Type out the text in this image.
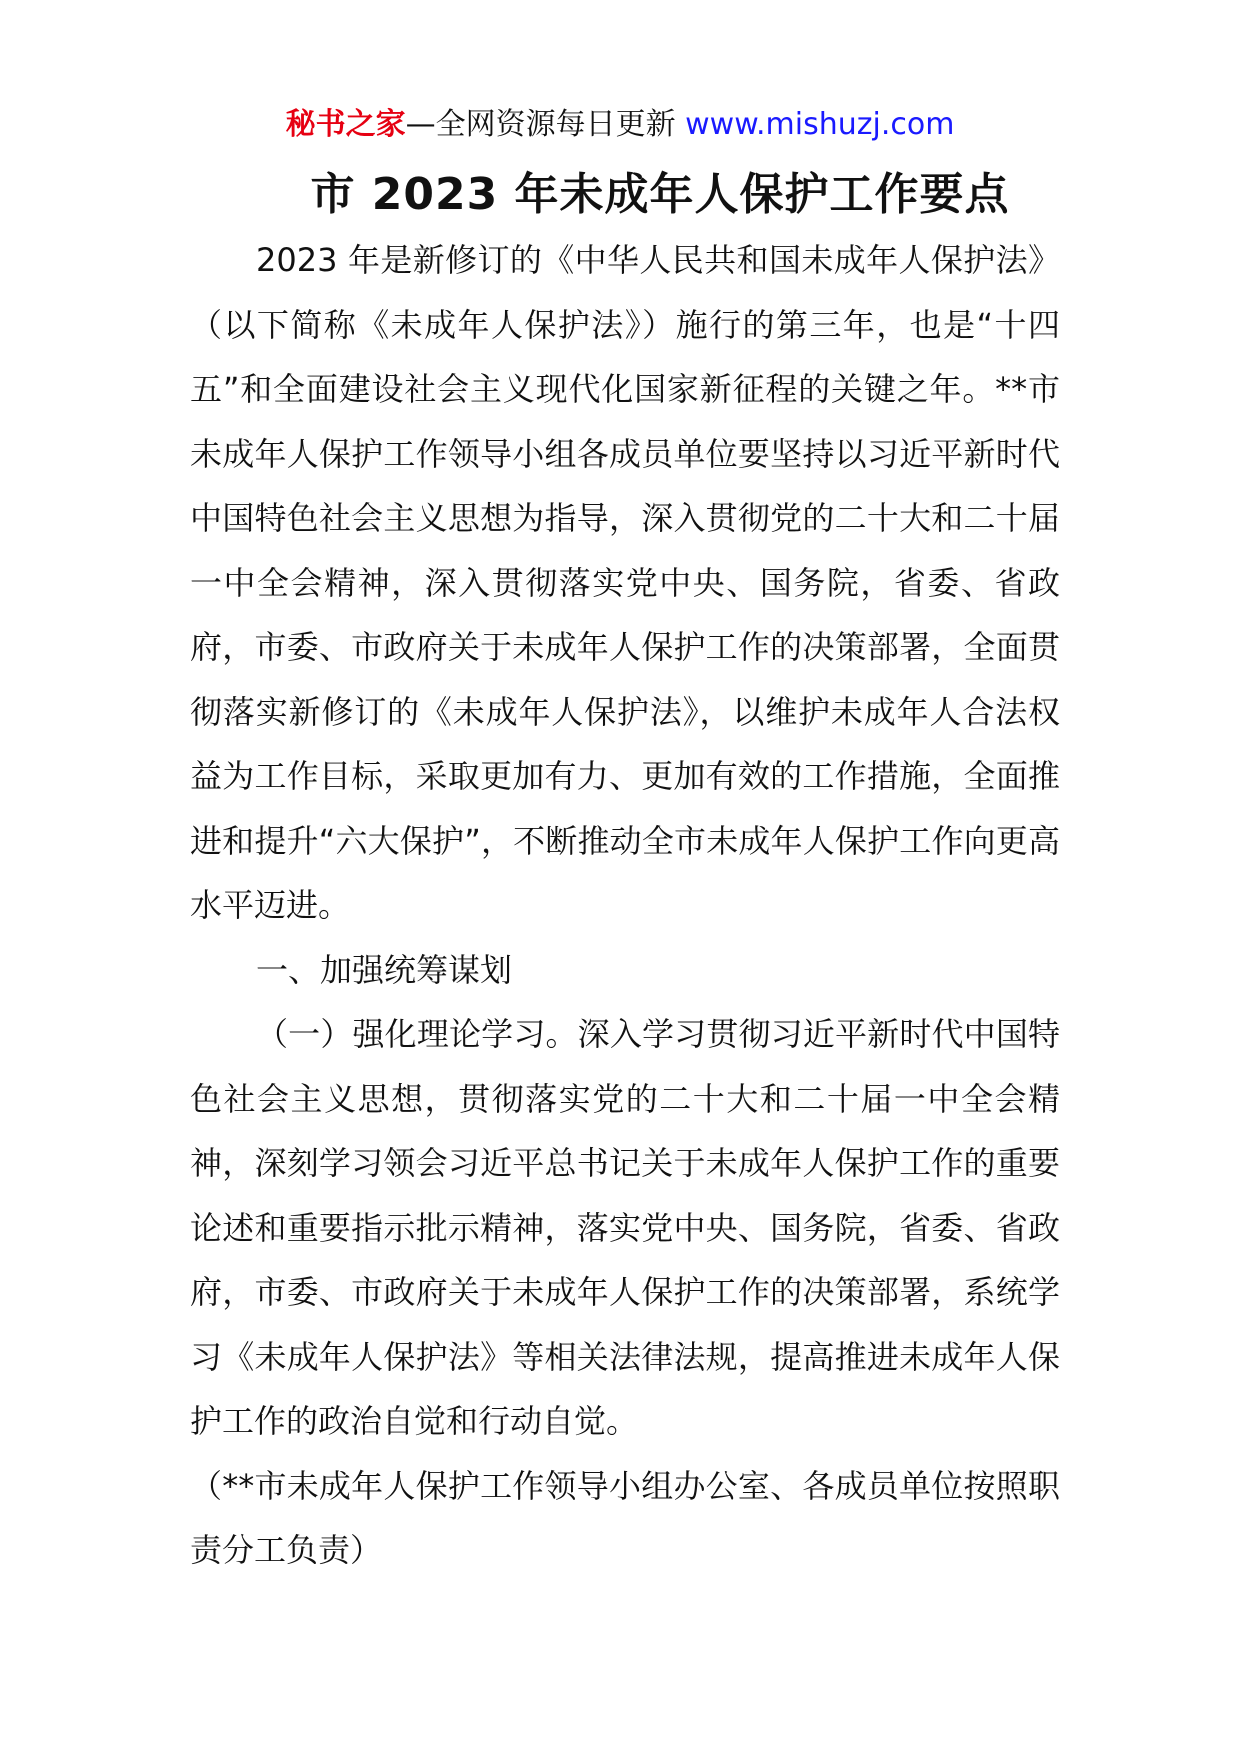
秘书之家—全网资源每日更新 www.mishuzj.com
市 2023 年未成年人保护工作要点

2023 年是新修订的《中华人民共和国未成年人保护法》（以下简称《未成年人保护法》）施行的第三年，也是“十四五”和全面建设社会主义现代化国家新征程的关键之年。**市未成年人保护工作领导小组各成员单位要坚持以习近平新时代中国特色社会主义思想为指导，深入贯彻党的二十大和二十届一中全会精神，深入贯彻落实党中央、国务院，省委、省政府，市委、市政府关于未成年人保护工作的决策部署，全面贯彻落实新修订的《未成年人保护法》，以维护未成年人合法权益为工作目标，采取更加有力、更加有效的工作措施，全面推进和提升“六大保护”，不断推动全市未成年人保护工作向更高水平迈进。

一、加强统筹谋划

（一）强化理论学习。深入学习贯彻习近平新时代中国特色社会主义思想，贯彻落实党的二十大和二十届一中全会精神，深刻学习领会习近平总书记关于未成年人保护工作的重要论述和重要指示批示精神，落实党中央、国务院，省委、省政府，市委、市政府关于未成年人保护工作的决策部署，系统学习《未成年人保护法》等相关法律法规，提高推进未成年人保护工作的政治自觉和行动自觉。

（**市未成年人保护工作领导小组办公室、各成员单位按照职责分工负责）
